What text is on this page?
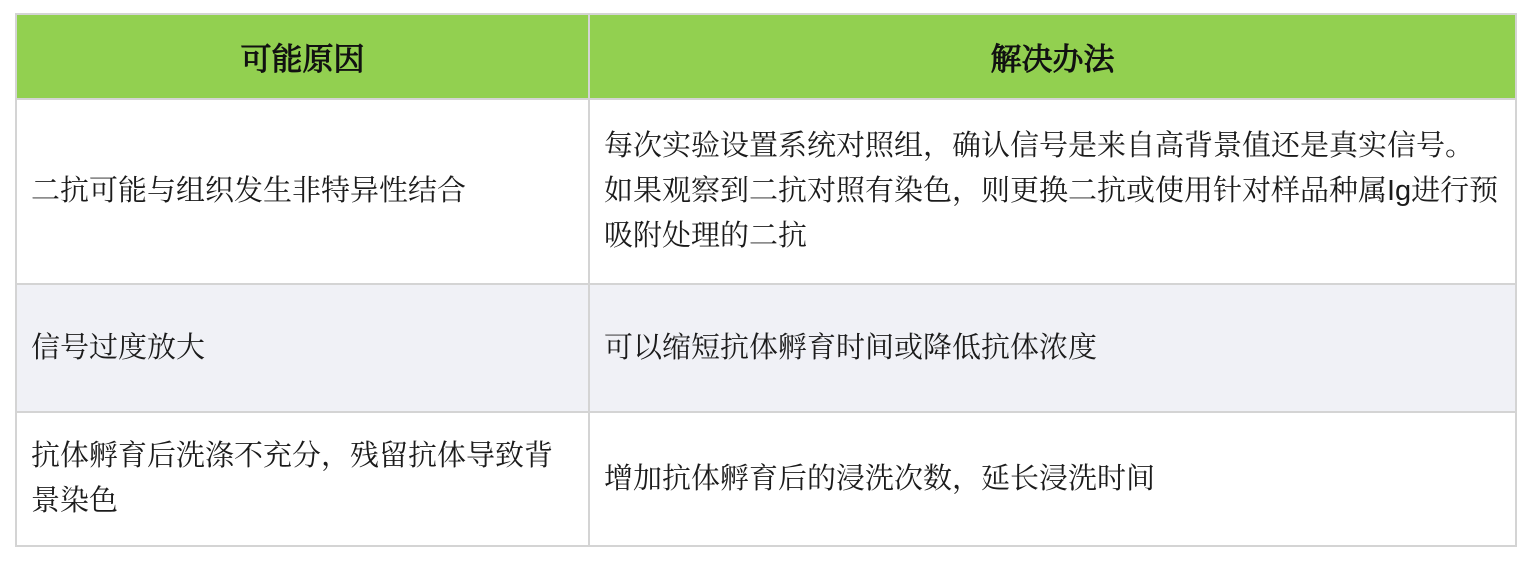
可能原因	解决办法
二抗可能与组织发生非特异性结合	每次实验设置系统对照组，确认信号是来自高背景值还是真实信号。如果观察到二抗对照有染色，则更换二抗或使用针对样品种属Ig进行预吸附处理的二抗
信号过度放大	可以缩短抗体孵育时间或降低抗体浓度
抗体孵育后洗涤不充分，残留抗体导致背景染色	增加抗体孵育后的浸洗次数，延长浸洗时间
